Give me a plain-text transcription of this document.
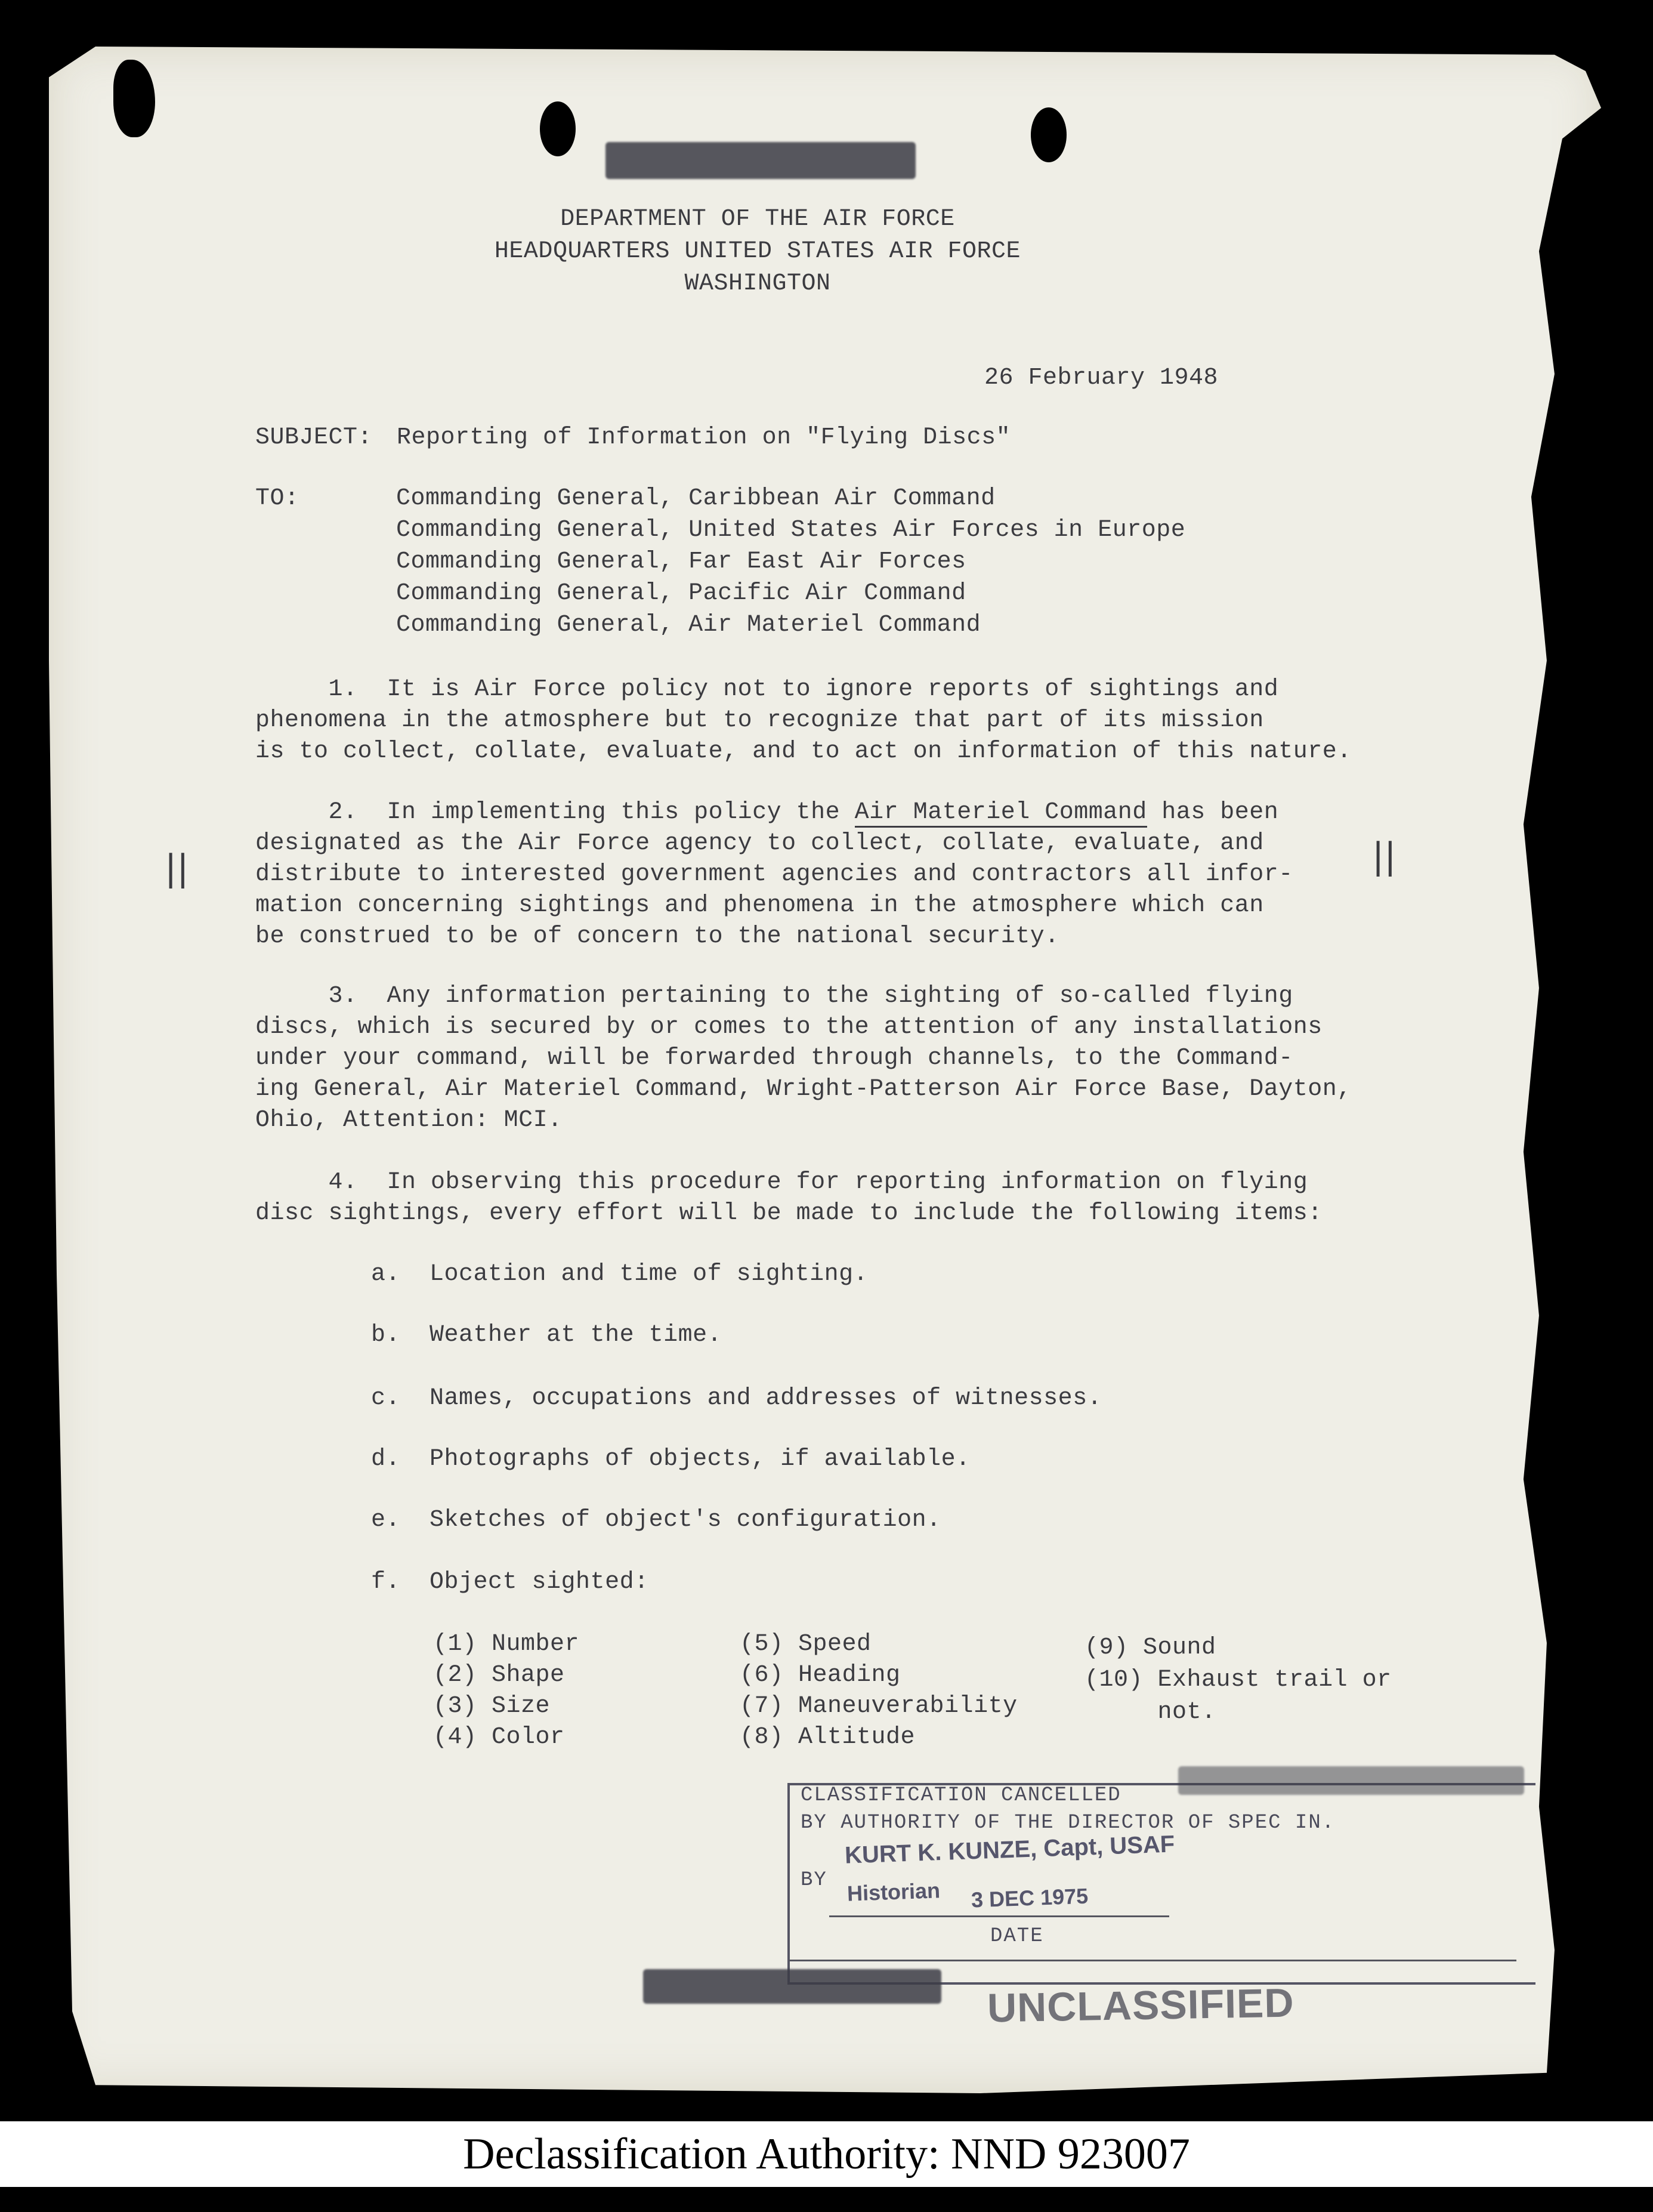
DEPARTMENT OF THE AIR FORCE
HEADQUARTERS UNITED STATES AIR FORCE
WASHINGTON
26 February 1948
SUBJECT: Reporting of Information on "Flying Discs"
TO:	Commanding General, Caribbean Air Command
Commanding General, United States Air Forces in Europe
Commanding General, Far East Air Forces
Commanding General, Pacific Air Command
Commanding General, Air Materiel Command
1.  It is Air Force policy not to ignore reports of sightings and
phenomena in the atmosphere but to recognize that part of its mission
is to collect, collate, evaluate, and to act on information of this nature.
2.  In implementing this policy the Air Materiel Command has been
designated as the Air Force agency to collect, collate, evaluate, and
distribute to interested government agencies and contractors all infor-
mation concerning sightings and phenomena in the atmosphere which can
be construed to be of concern to the national security.
||	||
3.  Any information pertaining to the sighting of so-called flying
discs, which is secured by or comes to the attention of any installations
under your command, will be forwarded through channels, to the Command-
ing General, Air Materiel Command, Wright-Patterson Air Force Base, Dayton,
Ohio, Attention: MCI.
4.  In observing this procedure for reporting information on flying
disc sightings, every effort will be made to include the following items:
a.  Location and time of sighting.
b.  Weather at the time.
c.  Names, occupations and addresses of witnesses.
d.  Photographs of objects, if available.
e.  Sketches of object's configuration.
f.  Object sighted:
(1) Number
(2) Shape
(3) Size
(4) Color
(5) Speed
(6) Heading
(7) Maneuverability
(8) Altitude
(9) Sound
(10) Exhaust trail or
not.
CLASSIFICATION CANCELLED
BY AUTHORITY OF THE DIRECTOR OF SPEC IN.
BY
KURT K. KUNZE, Capt, USAF
Historian 3 DEC 1975
DATE
UNCLASSIFIED
Declassification Authority: NND 923007
